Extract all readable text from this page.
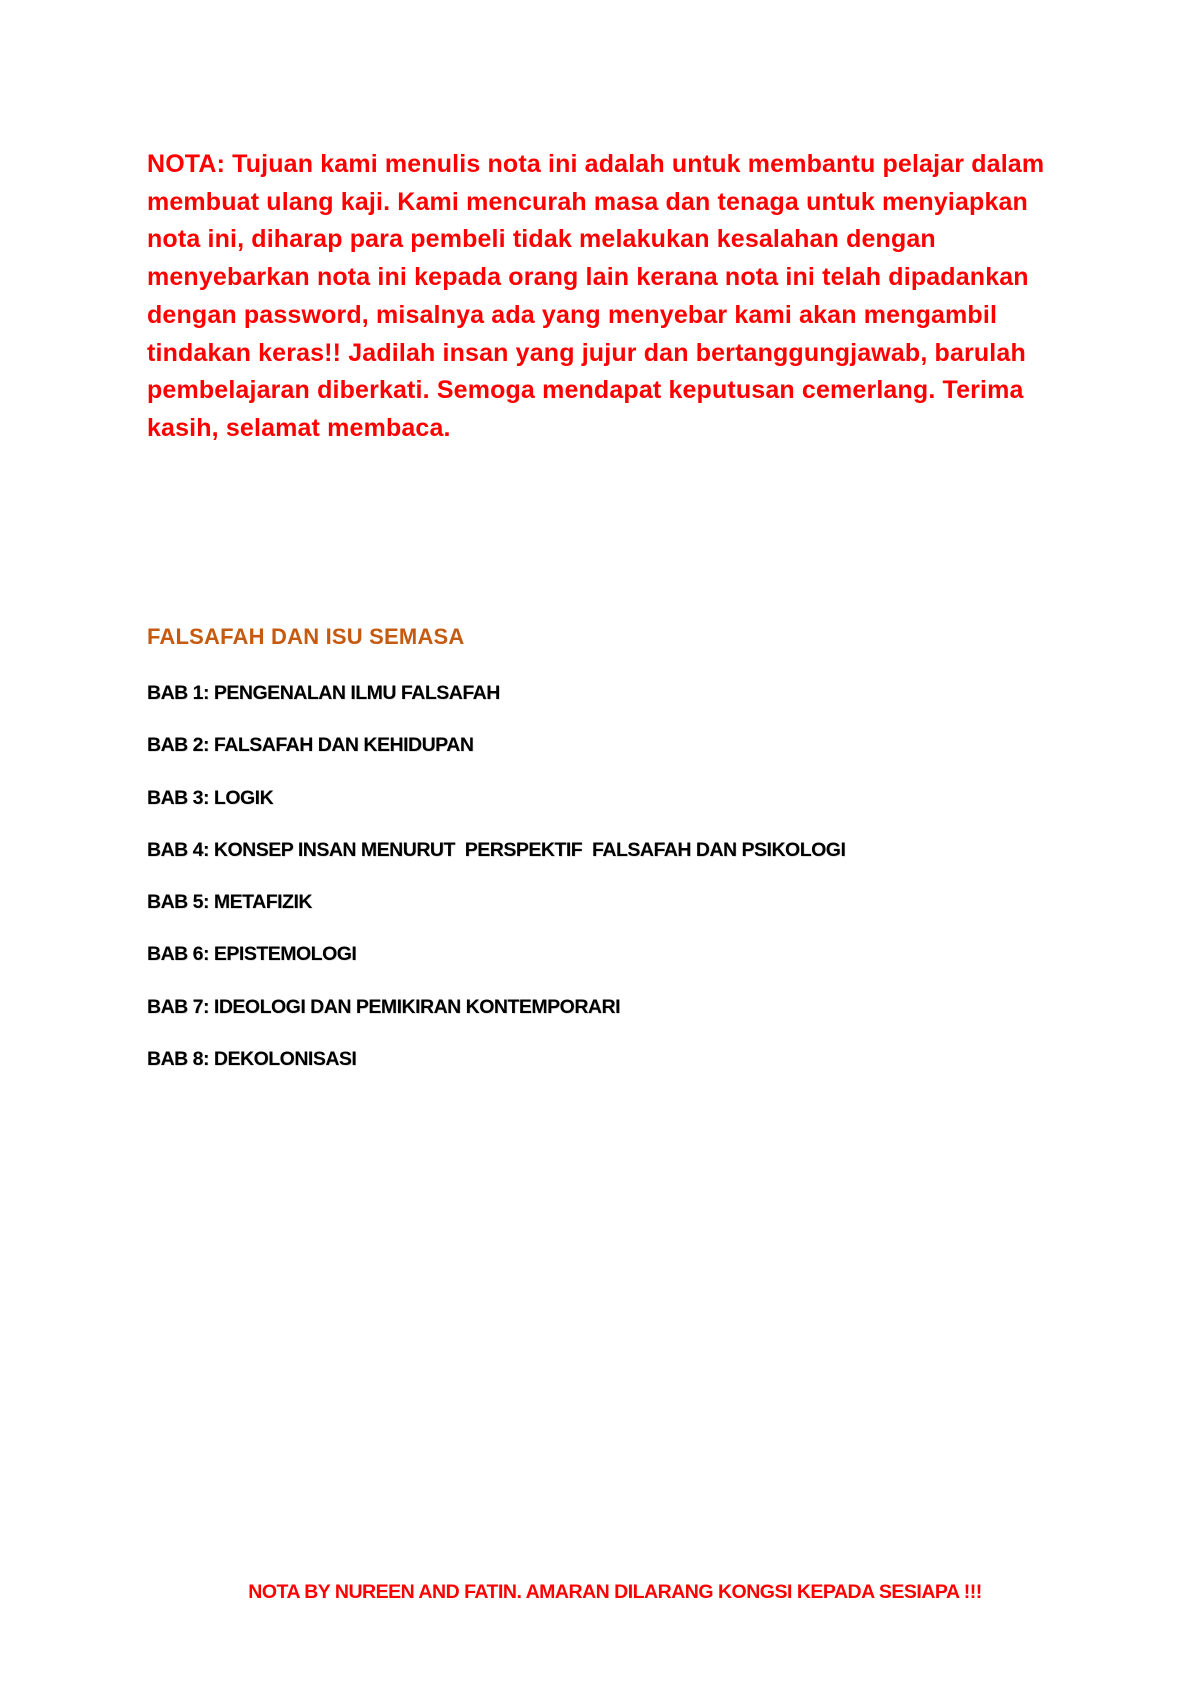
NOTA: Tujuan kami menulis nota ini adalah untuk membantu pelajar dalam membuat ulang kaji. Kami mencurah masa dan tenaga untuk menyiapkan nota ini, diharap para pembeli tidak melakukan kesalahan dengan menyebarkan nota ini kepada orang lain kerana nota ini telah dipadankan dengan password, misalnya ada yang menyebar kami akan mengambil tindakan keras!! Jadilah insan yang jujur dan bertanggungjawab, barulah pembelajaran diberkati. Semoga mendapat keputusan cemerlang. Terima kasih, selamat membaca.

FALSAFAH DAN ISU SEMASA
BAB 1: PENGENALAN ILMU FALSAFAH
BAB 2: FALSAFAH DAN KEHIDUPAN
BAB 3: LOGIK
BAB 4: KONSEP INSAN MENURUT  PERSPEKTIF  FALSAFAH DAN PSIKOLOGI
BAB 5: METAFIZIK
BAB 6: EPISTEMOLOGI
BAB 7: IDEOLOGI DAN PEMIKIRAN KONTEMPORARI
BAB 8: DEKOLONISASI

NOTA BY NUREEN AND FATIN. AMARAN DILARANG KONGSI KEPADA SESIAPA !!!
